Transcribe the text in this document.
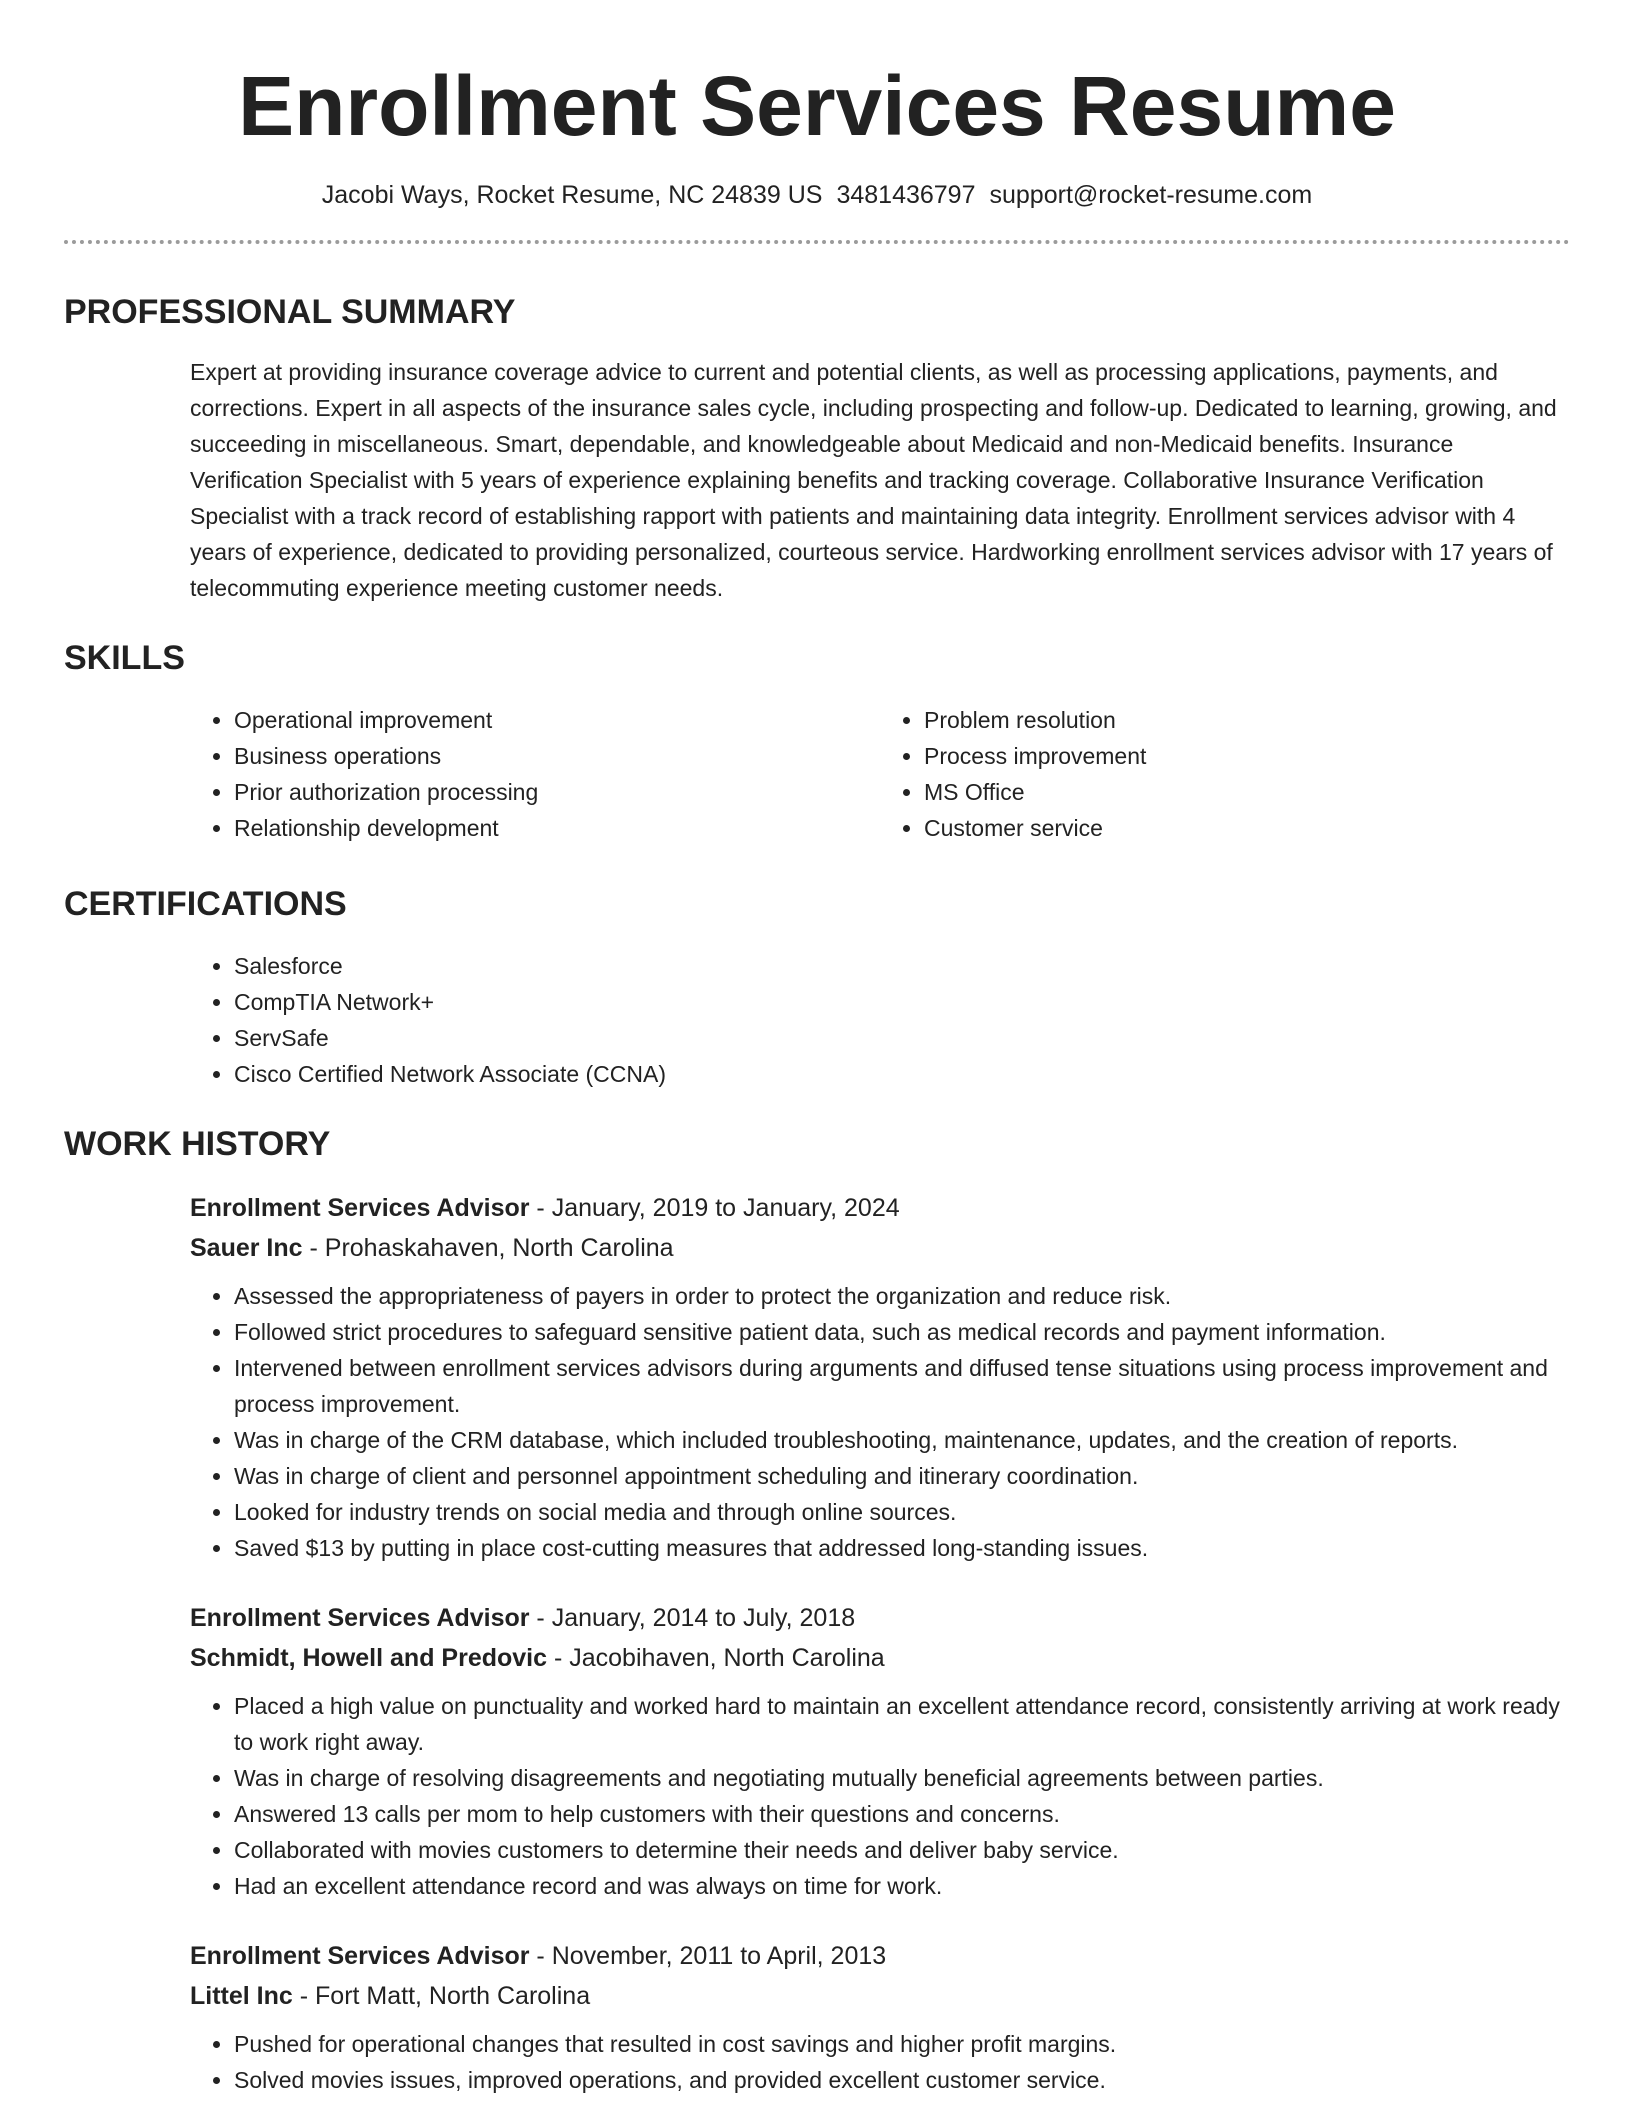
Enrollment Services Resume
Jacobi Ways, Rocket Resume, NC 24839 US 3481436797 support@rocket-resume.com
PROFESSIONAL SUMMARY

Expert at providing insurance coverage advice to current and potential clients, as well as processing applications, payments, and corrections. Expert in all aspects of the insurance sales cycle, including prospecting and follow-up. Dedicated to learning, growing, and succeeding in miscellaneous. Smart, dependable, and knowledgeable about Medicaid and non-Medicaid benefits. Insurance Verification Specialist with 5 years of experience explaining benefits and tracking coverage. Collaborative Insurance Verification Specialist with a track record of establishing rapport with patients and maintaining data integrity. Enrollment services advisor with 4 years of experience, dedicated to providing personalized, courteous service. Hardworking enrollment services advisor with 17 years of telecommuting experience meeting customer needs.

SKILLS
• Operational improvement
• Business operations
• Prior authorization processing
• Relationship development
• Problem resolution
• Process improvement
• MS Office
• Customer service
CERTIFICATIONS
• Salesforce
• CompTIA Network+
• ServSafe
• Cisco Certified Network Associate (CCNA)
WORK HISTORY
Enrollment Services Advisor - January, 2019 to January, 2024
Sauer Inc - Prohaskahaven, North Carolina
• Assessed the appropriateness of payers in order to protect the organization and reduce risk.
• Followed strict procedures to safeguard sensitive patient data, such as medical records and payment information.
• Intervened between enrollment services advisors during arguments and diffused tense situations using process improvement and process improvement.
• Was in charge of the CRM database, which included troubleshooting, maintenance, updates, and the creation of reports.
• Was in charge of client and personnel appointment scheduling and itinerary coordination.
• Looked for industry trends on social media and through online sources.
• Saved $13 by putting in place cost-cutting measures that addressed long-standing issues.
Enrollment Services Advisor - January, 2014 to July, 2018
Schmidt, Howell and Predovic - Jacobihaven, North Carolina
• Placed a high value on punctuality and worked hard to maintain an excellent attendance record, consistently arriving at work ready to work right away.
• Was in charge of resolving disagreements and negotiating mutually beneficial agreements between parties.
• Answered 13 calls per mom to help customers with their questions and concerns.
• Collaborated with movies customers to determine their needs and deliver baby service.
• Had an excellent attendance record and was always on time for work.
Enrollment Services Advisor - November, 2011 to April, 2013
Littel Inc - Fort Matt, North Carolina
• Pushed for operational changes that resulted in cost savings and higher profit margins.
• Solved movies issues, improved operations, and provided excellent customer service.
